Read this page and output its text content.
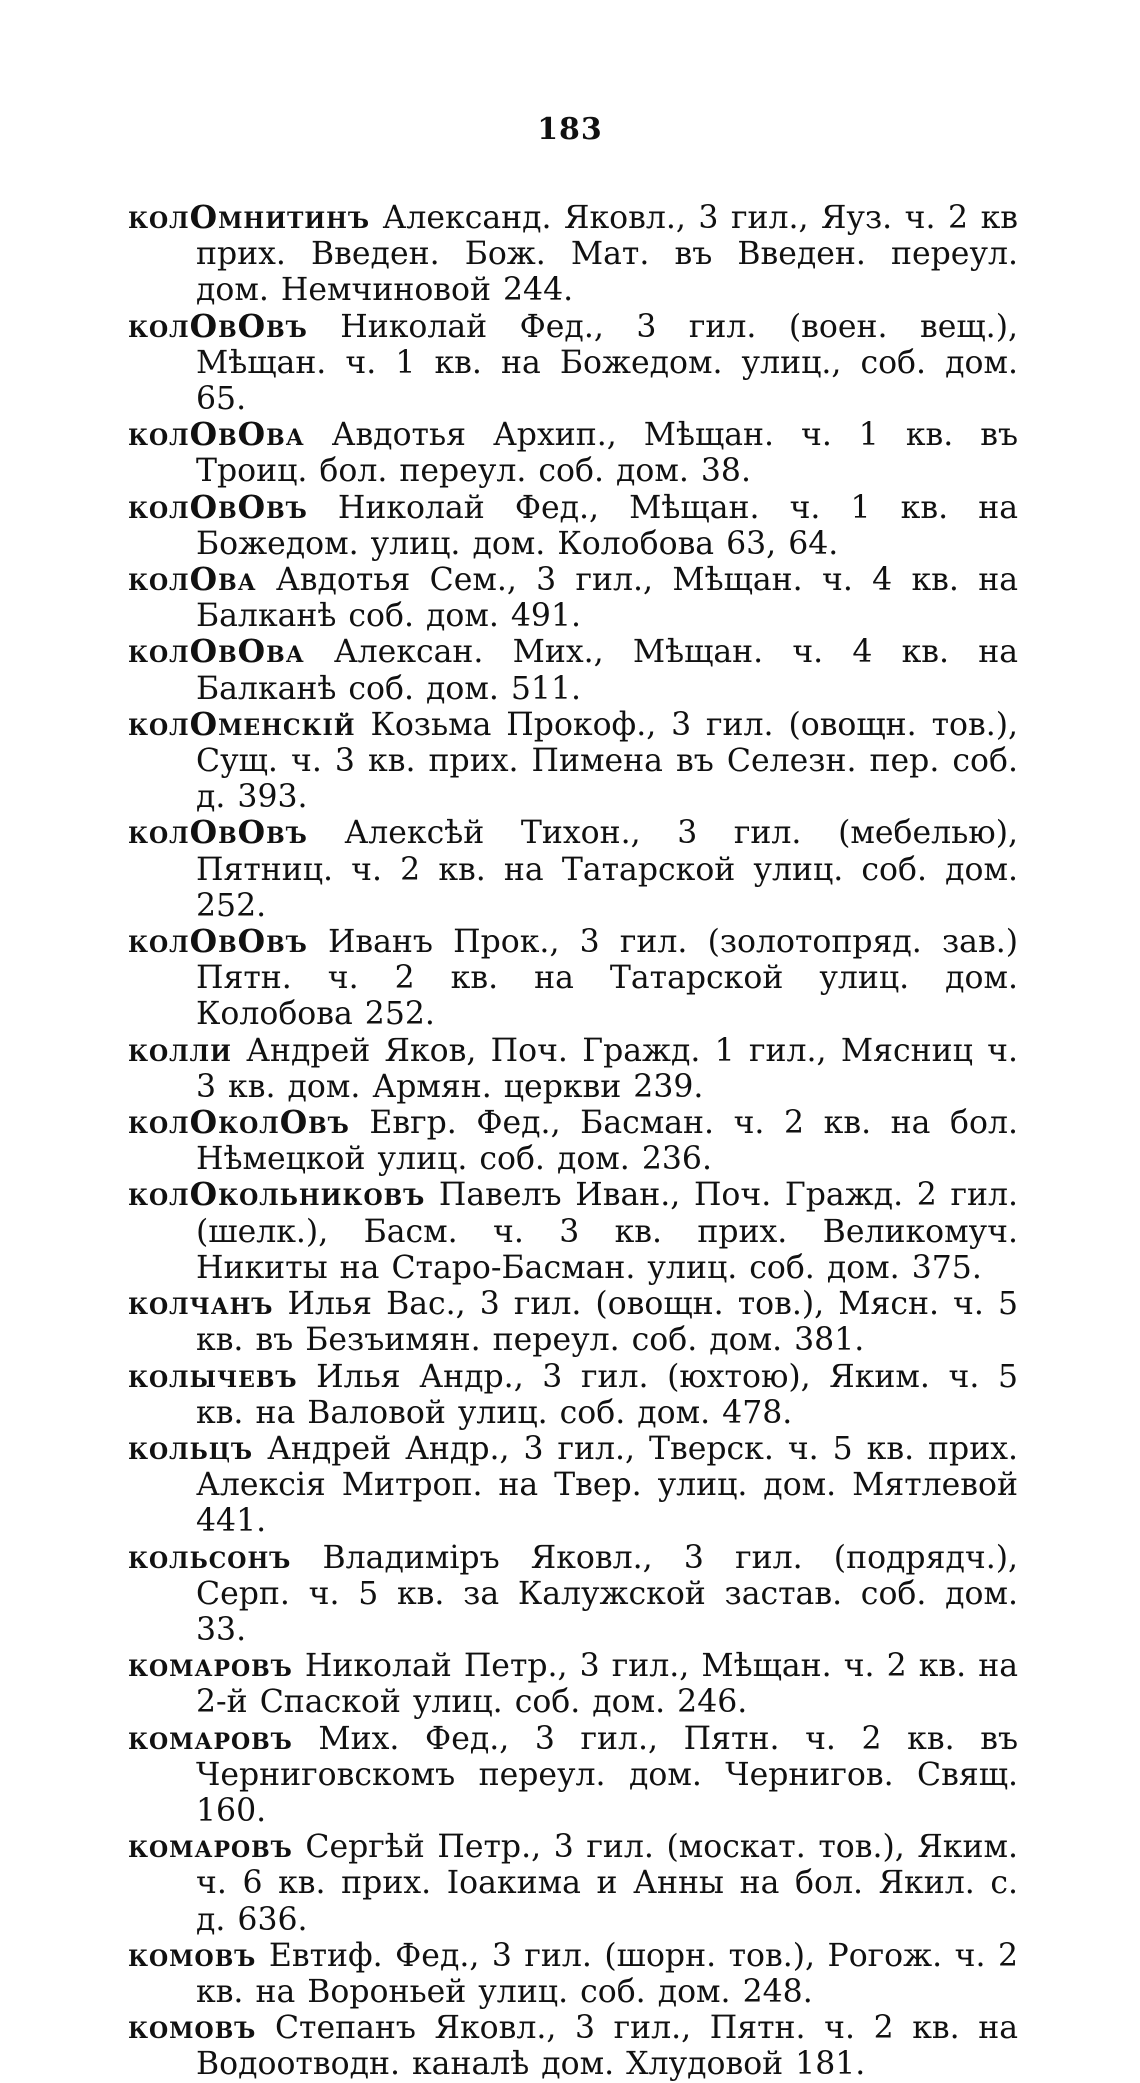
183

колОмнитинъ Александ. Яковл., 3 гил., Яуз. ч. 2 кв прих. Введен. Бож. Мат. въ Введен. переул. дом. Немчиновой 244.

колОвОвъ Николай Фед., 3 гил. (воен. вещ.), Мѣщан. ч. 1 кв. на Божедом. улиц., соб. дом. 65.

колОвОва Авдотья Архип., Мѣщан. ч. 1 кв. въ Троиц. бол. переул. соб. дом. 38.

колОвОвъ Николай Фед., Мѣщан. ч. 1 кв. на Божедом. улиц. дом. Колобова 63, 64.

колОва Авдотья Сем., 3 гил., Мѣщан. ч. 4 кв. на Балканѣ соб. дом. 491.

колОвОва Алексан. Мих., Мѣщан. ч. 4 кв. на Балканѣ соб. дом. 511.

колОменскій Козьма Прокоф., 3 гил. (овощн. тов.), Сущ. ч. 3 кв. прих. Пимена въ Селезн. пер. соб. д. 393.

колОвОвъ Алексѣй Тихон., 3 гил. (мебелью), Пятниц. ч. 2 кв. на Татарской улиц. соб. дом. 252.

колОвОвъ Иванъ Прок., 3 гил. (золотопряд. зав.) Пятн. ч. 2 кв. на Татарской улиц. дом. Колобова 252.

колли Андрей Яков, Поч. Гражд. 1 гил., Мясниц ч. 3 кв. дом. Армян. церкви 239.

колОколОвъ Евгр. Фед., Басман. ч. 2 кв. на бол. Нѣмецкой улиц. соб. дом. 236.

колОкольниковъ Павелъ Иван., Поч. Гражд. 2 гил. (шелк.), Басм. ч. 3 кв. прих. Великомуч. Никиты на Старо-Басман. улиц. соб. дом. 375.

колчанъ Илья Вас., 3 гил. (овощн. тов.), Мясн. ч. 5 кв. въ Безъимян. переул. соб. дом. 381.

колычевъ Илья Андр., 3 гил. (юхтою), Яким. ч. 5 кв. на Валовой улиц. соб. дом. 478.

кольцъ Андрей Андр., 3 гил., Тверск. ч. 5 кв. прих. Алексія Митроп. на Твер. улиц. дом. Мятлевой 441.

кольсонъ Владиміръ Яковл., 3 гил. (подрядч.), Серп. ч. 5 кв. за Калужской застав. соб. дом. 33.

комаровъ Николай Петр., 3 гил., Мѣщан. ч. 2 кв. на 2-й Спаской улиц. соб. дом. 246.

комаровъ Мих. Фед., 3 гил., Пятн. ч. 2 кв. въ Черниговскомъ переул. дом. Чернигов. Свящ. 160.

комаровъ Сергѣй Петр., 3 гил. (москат. тов.), Яким. ч. 6 кв. прих. Іоакима и Анны на бол. Якил. с. д. 636.

комовъ Евтиф. Фед., 3 гил. (шорн. тов.), Рогож. ч. 2 кв. на Вороньей улиц. соб. дом. 248.

комовъ Степанъ Яковл., 3 гил., Пятн. ч. 2 кв. на Водоотводн. каналѣ дом. Хлудовой 181.
